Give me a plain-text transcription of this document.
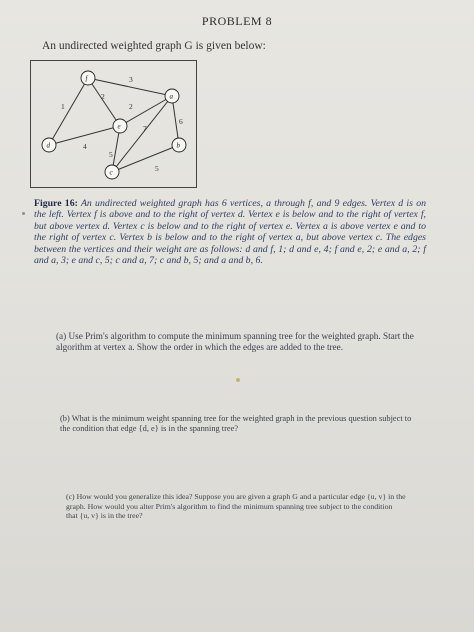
PROBLEM 8
An undirected weighted graph G is given below:
1
4
2
2
3
5
7
5
6
f
a
e
d	b
c
Figure 16: An undirected weighted graph has 6 vertices, a through f, and 9 edges. Vertex d is on the left. Vertex f is above and to the right of vertex d. Vertex e is below and to the right of vertex f, but above vertex d. Vertex c is below and to the right of vertex e. Vertex a is above vertex e and to the right of vertex c. Vertex b is below and to the right of vertex a, but above vertex c. The edges between the vertices and their weight are as follows: d and f, 1; d and e, 4; f and e, 2; e and a, 2; f and a, 3; e and c, 5; c and a, 7; c and b, 5; and a and b, 6.
(a) Use Prim's algorithm to compute the minimum spanning tree for the weighted graph. Start the algorithm at vertex a. Show the order in which the edges are added to the tree.
(b) What is the minimum weight spanning tree for the weighted graph in the previous question subject to the condition that edge {d, e} is in the spanning tree?
(c) How would you generalize this idea? Suppose you are given a graph G and a particular edge {u, v} in the graph. How would you alter Prim's algorithm to find the minimum spanning tree subject to the condition that {u, v} is in the tree?
